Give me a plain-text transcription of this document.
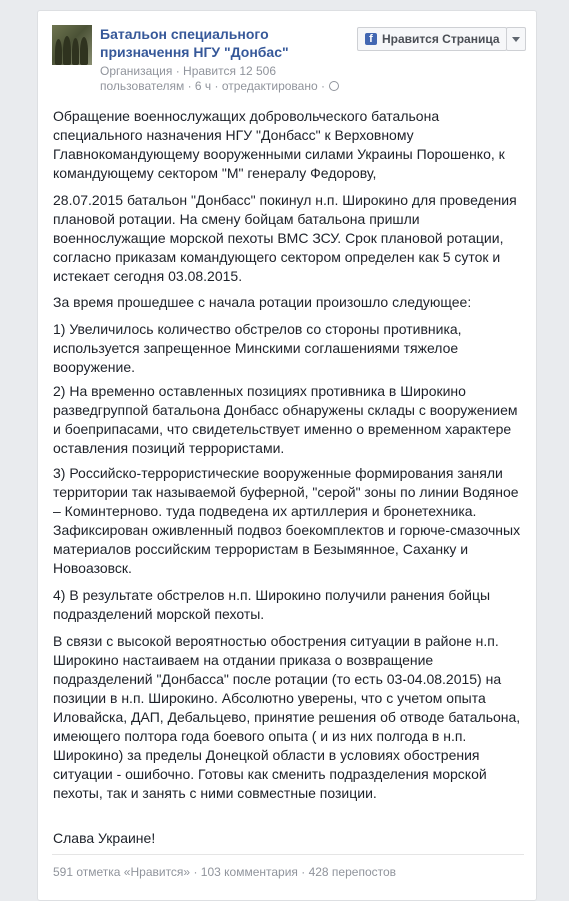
Батальон специального
призначення НГУ "Донбас"
Организация · Нравится 12 506
пользователям · 6 ч · отредактировано ·
f Нравится Страница

Обращение военнослужащих добровольческого батальона специального назначения НГУ "Донбасс" к Верховному Главнокомандующему вооруженными силами Украины Порошенко, к командующему сектором "М" генералу Федорову,

28.07.2015 батальон "Донбасс" покинул н.п. Широкино для проведения плановой ротации. На смену бойцам батальона пришли военнослужащие морской пехоты ВМС ЗСУ. Срок плановой ротации, согласно приказам командующего сектором определен как 5 суток и истекает сегодня 03.08.2015.

За время прошедшее с начала ротации произошло следующее:

1) Увеличилось количество обстрелов со стороны противника, используется запрещенное Минскими соглашениями тяжелое вооружение.

2) На временно оставленных позициях противника в Широкино разведгруппой батальона Донбасс обнаружены склады с вооружением и боеприпасами, что свидетельствует именно о временном характере оставления позиций террористами.

3) Российско-террористические вооруженные формирования заняли территории так называемой буферной, "серой" зоны по линии Водяное – Коминтерново. туда подведена их артиллерия и бронетехника. Зафиксирован оживленный подвоз боекомплектов и горюче-смазочных материалов российским террористам в Безымянное, Саханку и Новоазовск.

4) В результате обстрелов н.п. Широкино получили ранения бойцы подразделений морской пехоты.

В связи с высокой вероятностью обострения ситуации в районе н.п. Широкино настаиваем на отдании приказа о возвращение подразделений "Донбасса" после ротации (то есть 03-04.08.2015) на позиции в н.п. Широкино. Абсолютно уверены, что с учетом опыта Иловайска, ДАП, Дебальцево, принятие решения об отводе батальона, имеющего полтора года боевого опыта ( и из них полгода в н.п. Широкино) за пределы Донецкой области в условиях обострения ситуации - ошибочно. Готовы как сменить подразделения морской пехоты, так и занять с ними совместные позиции.

Слава Украине!

591 отметка «Нравится» · 103 комментария · 428 перепостов
